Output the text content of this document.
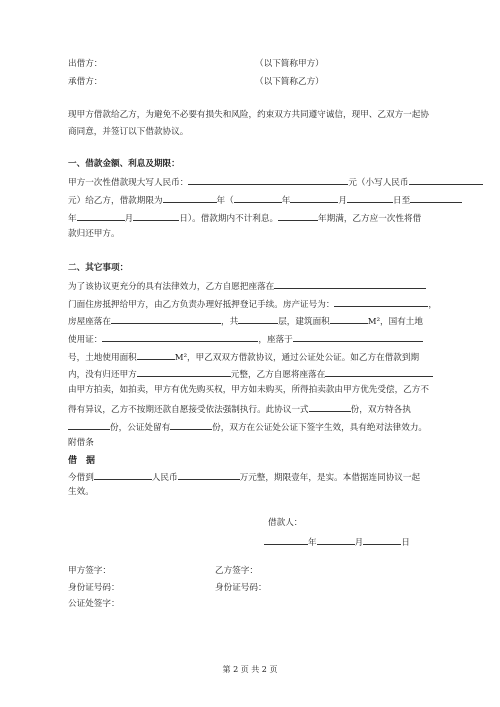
出借方：	（以下简称甲方）
承借方：	（以下简称乙方）
现甲方借款给乙方，为避免不必要有损失和风险，约束双方共同遵守诚信，现甲、乙双方一起协
商同意，并签订以下借款协议。
一、借款金额、利息及期限：
甲方一次性借款现大写人民币：	元（小写人民币
元）给乙方，借款期限为	年（	年	月	日至
年	月	日）。借款期内不计利息。	年期满，乙方应一次性将借
款归还甲方。
二、其它事项：
为了该协议更充分的具有法律效力，乙方自愿把座落在
门面住房抵押给甲方，由乙方负责办理好抵押登记手续。房产证号为：	，
房屋座落在	，共	层，建筑面积	M²，国有土地
使用证：	，座落于
号，土地使用面积	M²，甲乙双双方借款协议，通过公证处公证。如乙方在借款到期
内，没有归还甲方	元整，乙方自愿将座落在
由甲方拍卖，如拍卖，甲方有优先购买权，甲方如未购买，所得拍卖款由甲方优先受偿，乙方不
得有异议，乙方不按期还款自愿接受依法强制执行。此协议一式	份，双方特各执
份，公证处留有	份，双方在公证处公证下签字生效，具有绝对法律效力。
附借条
借　据
今借到	人民币	万元整，期限壹年，是实。本借据连同协议一起
生效。
借款人：
年	月	日
甲方签字：	乙方签字：
身份证号码：	身份证号码：
公证处签字：
第 2 页 共 2 页
